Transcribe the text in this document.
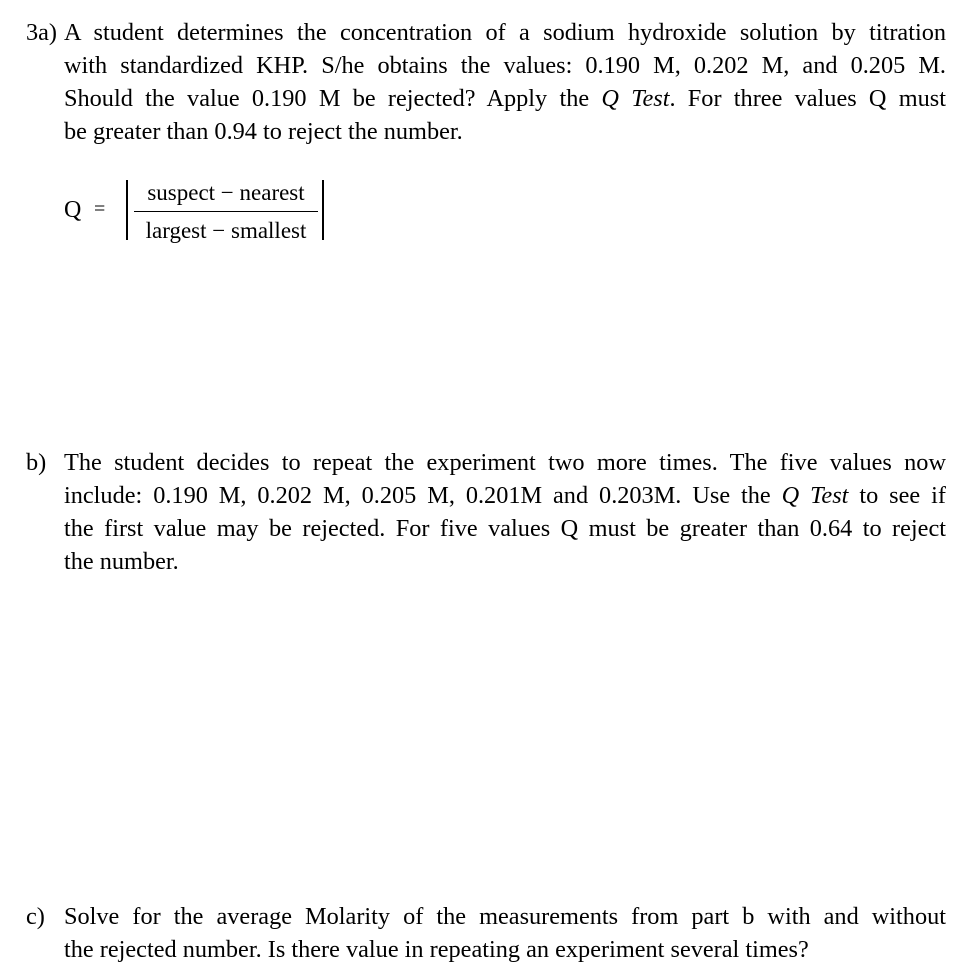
3a) A student determines the concentration of a sodium hydroxide solution by titration
with standardized KHP. S/he obtains the values: 0.190 M, 0.202 M, and 0.205 M.
Should the value 0.190 M be rejected? Apply the Q Test. For three values Q must
be greater than 0.94 to reject the number.
Q =
suspect − nearest
largest − smallest
b) The student decides to repeat the experiment two more times. The five values now
include: 0.190 M, 0.202 M, 0.205 M, 0.201M and 0.203M. Use the Q Test to see if
the first value may be rejected. For five values Q must be greater than 0.64 to reject
the number.
c) Solve for the average Molarity of the measurements from part b with and without
the rejected number. Is there value in repeating an experiment several times?
